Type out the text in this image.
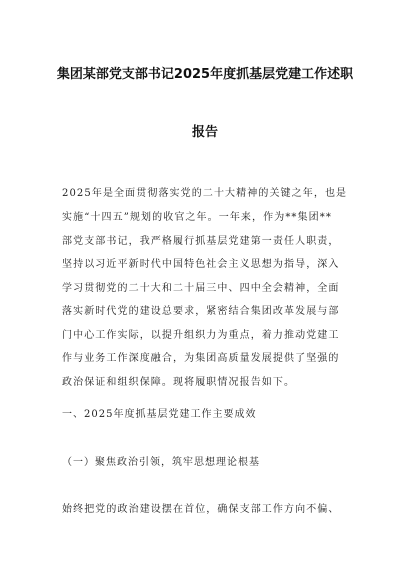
集团某部党支部书记2025年度抓基层党建工作述职
报告
2025年是全面贯彻落实党的二十大精神的关键之年，也是
实施“十四五”规划的收官之年。一年来，作为**集团**
部党支部书记，我严格履行抓基层党建第一责任人职责，
坚持以习近平新时代中国特色社会主义思想为指导，深入
学习贯彻党的二十大和二十届三中、四中全会精神，全面
落实新时代党的建设总要求，紧密结合集团改革发展与部
门中心工作实际，以提升组织力为重点，着力推动党建工
作与业务工作深度融合，为集团高质量发展提供了坚强的
政治保证和组织保障。现将履职情况报告如下。
一、2025年度抓基层党建工作主要成效
（一）聚焦政治引领，筑牢思想理论根基
始终把党的政治建设摆在首位，确保支部工作方向不偏、
